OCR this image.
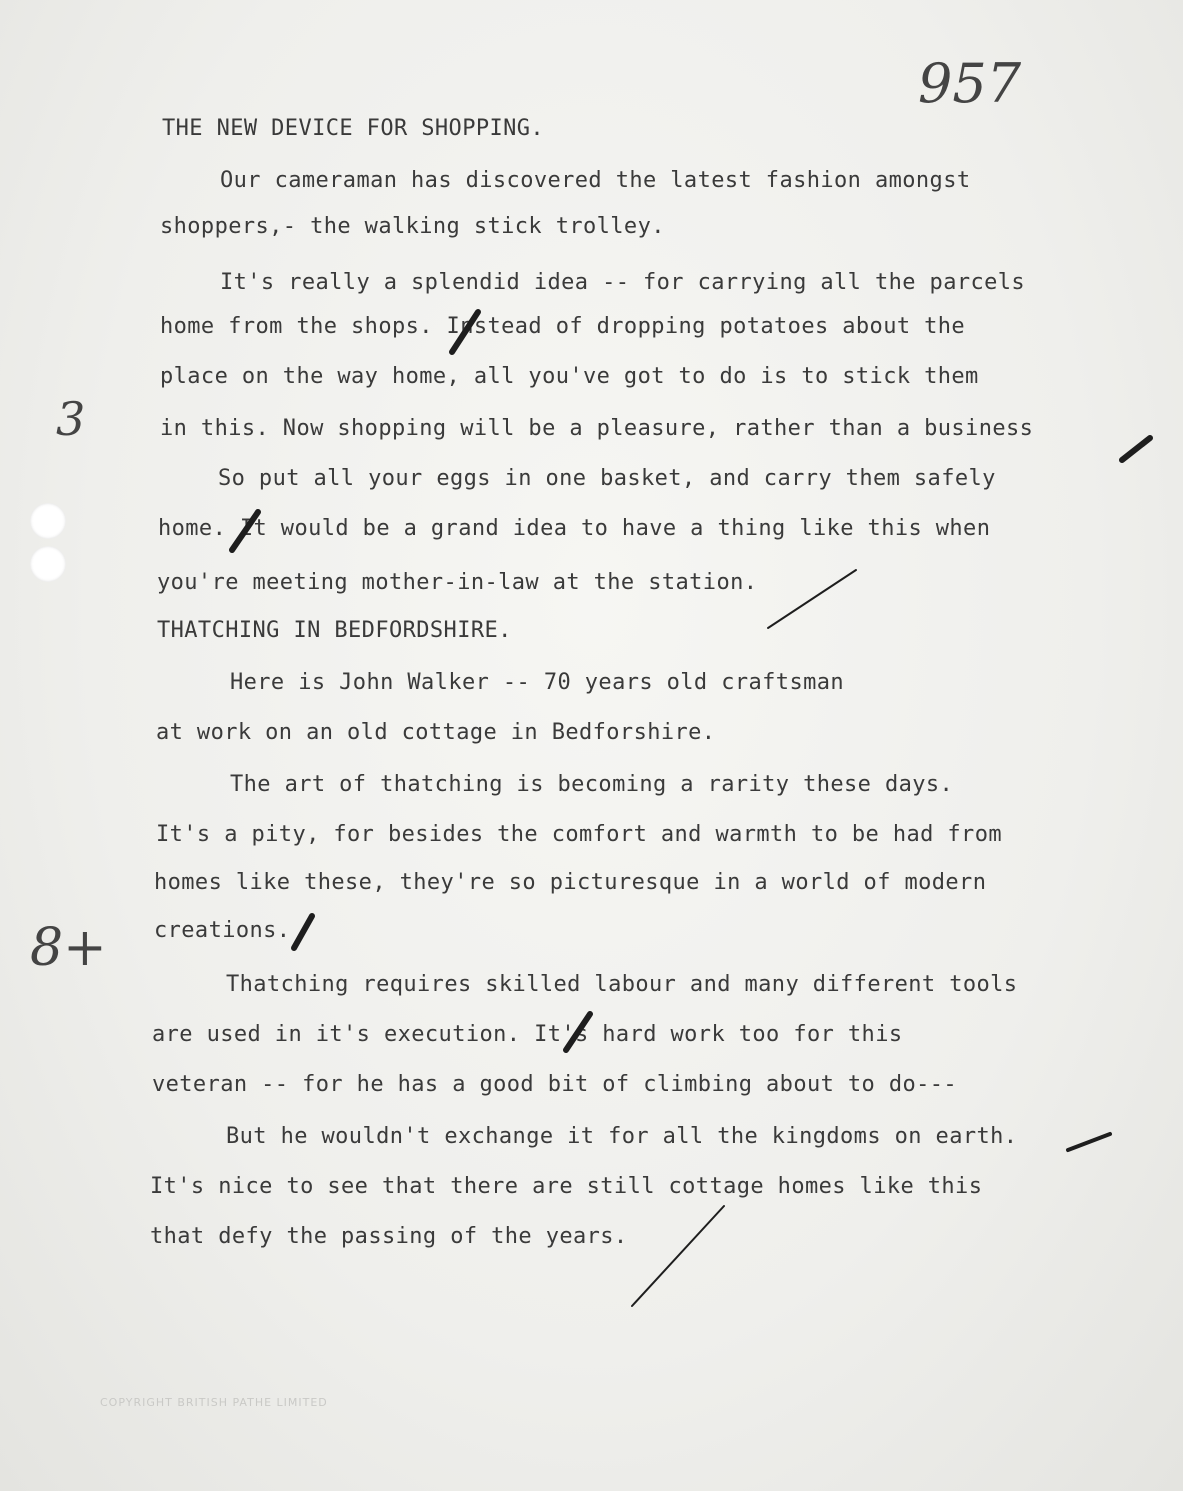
957
3
8+
THE NEW DEVICE FOR SHOPPING.
Our cameraman has discovered the latest fashion amongst
shoppers,- the walking stick trolley.
It's really a splendid idea -- for carrying all the parcels
home from the shops. Instead of dropping potatoes about the
place on the way home, all you've got to do is to stick them
in this. Now shopping will be a pleasure, rather than a business
So put all your eggs in one basket, and carry them safely
home. It would be a grand idea to have a thing like this when
you're meeting mother-in-law at the station.
THATCHING IN BEDFORDSHIRE.
Here is John Walker -- 70 years old craftsman
at work on an old cottage in Bedforshire.
The art of thatching is becoming a rarity these days.
It's a pity, for besides the comfort and warmth to be had from
homes like these, they're so picturesque in a world of modern
creations.
Thatching requires skilled labour and many different tools
are used in it's execution. It's hard work too for this
veteran -- for he has a good bit of climbing about to do---
But he wouldn't exchange it for all the kingdoms on earth.
It's nice to see that there are still cottage homes like this
that defy the passing of the years.
COPYRIGHT BRITISH PATHE LIMITED
